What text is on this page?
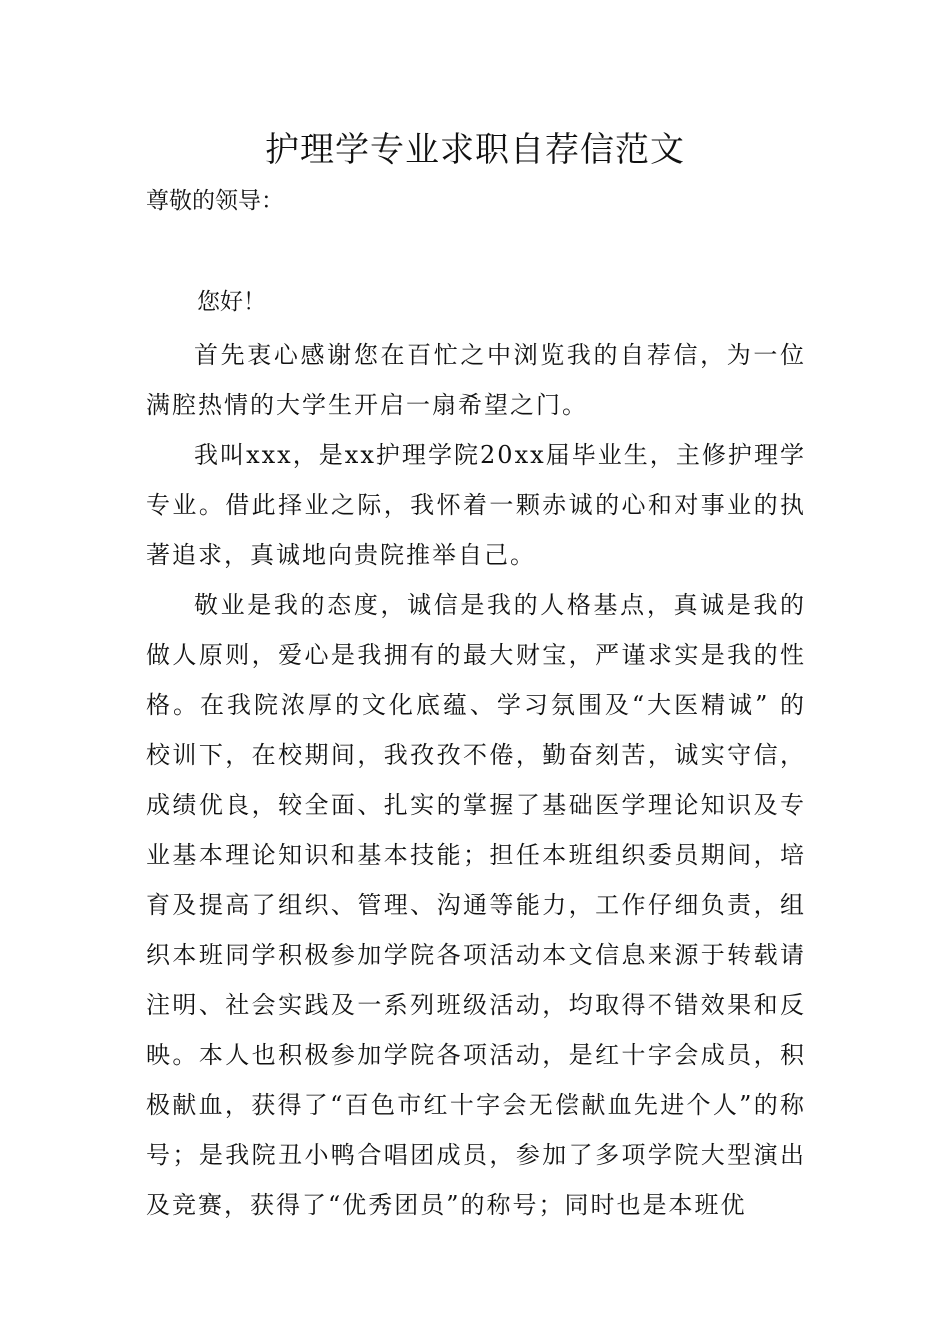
护理学专业求职自荐信范文

尊敬的领导：

您好！

首先衷心感谢您在百忙之中浏览我的自荐信，为一位满腔热情的大学生开启一扇希望之门。

我叫xxx，是xx护理学院20xx届毕业生，主修护理学专业。借此择业之际，我怀着一颗赤诚的心和对事业的执著追求，真诚地向贵院推举自己。

敬业是我的态度，诚信是我的人格基点，真诚是我的做人原则，爱心是我拥有的最大财宝，严谨求实是我的性格。在我院浓厚的文化底蕴、学习氛围及“大医精诚” 的校训下，在校期间，我孜孜不倦，勤奋刻苦，诚实守信，成绩优良，较全面、扎实的掌握了基础医学理论知识及专业基本理论知识和基本技能；担任本班组织委员期间，培育及提高了组织、管理、沟通等能力，工作仔细负责，组织本班同学积极参加学院各项活动本文信息来源于转载请注明、社会实践及一系列班级活动，均取得不错效果和反映。本人也积极参加学院各项活动，是红十字会成员，积极献血，获得了“百色市红十字会无偿献血先进个人”的称号；是我院丑小鸭合唱团成员，参加了多项学院大型演出及竞赛，获得了“优秀团员”的称号；同时也是本班优
